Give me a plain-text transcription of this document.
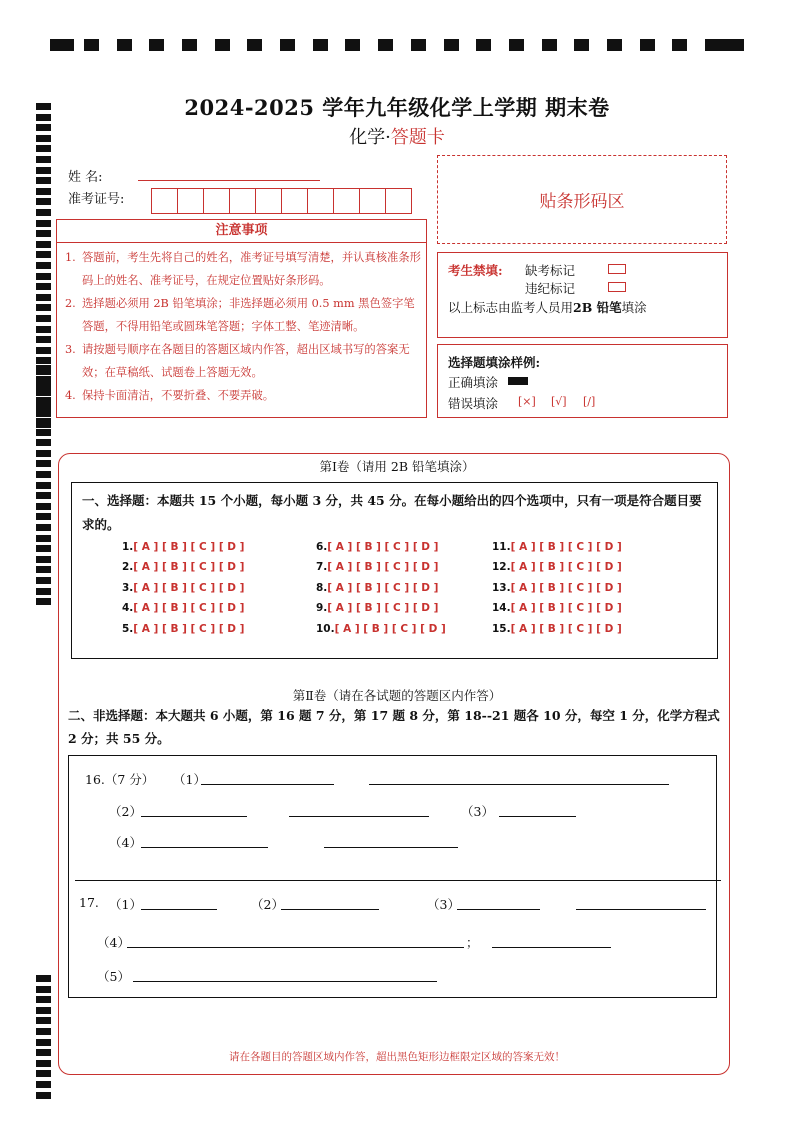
2024-2025 学年九年级化学上学期 期末卷
化学·答题卡
姓 名:
准考证号:	贴条形码区
注意事项
1. 答题前，考生先将自己的姓名，准考证号填写清楚，并认真核准条形码上的姓名、准考证号，在规定位置贴好条形码。
2. 选择题必须用 2B 铅笔填涂；非选择题必须用 0.5 mm 黑色签字笔答题，不得用铅笔或圆珠笔答题；字体工整、笔迹清晰。
3. 请按题号顺序在各题目的答题区域内作答，超出区域书写的答案无效；在草稿纸、试题卷上答题无效。
4. 保持卡面清洁，不要折叠、不要弄破。
考生禁填: 缺考标记
违纪标记
以上标志由监考人员用2B 铅笔填涂
选择题填涂样例:
正确填涂
错误填涂 [×] [√] [/]
第Ⅰ卷（请用 2B 铅笔填涂）
一、选择题：本题共 15 个小题，每小题 3 分，共 45 分。在每小题给出的四个选项中，只有一项是符合题目要求的。
1.[ A ] [ B ] [ C ] [ D ]
2.[ A ] [ B ] [ C ] [ D ]
3.[ A ] [ B ] [ C ] [ D ]
4.[ A ] [ B ] [ C ] [ D ]
5.[ A ] [ B ] [ C ] [ D ]
6.[ A ] [ B ] [ C ] [ D ]
7.[ A ] [ B ] [ C ] [ D ]
8.[ A ] [ B ] [ C ] [ D ]
9.[ A ] [ B ] [ C ] [ D ]
10.[ A ] [ B ] [ C ] [ D ]
11.[ A ] [ B ] [ C ] [ D ]
12.[ A ] [ B ] [ C ] [ D ]
13.[ A ] [ B ] [ C ] [ D ]
14.[ A ] [ B ] [ C ] [ D ]
15.[ A ] [ B ] [ C ] [ D ]
第Ⅱ卷（请在各试题的答题区内作答）
二、非选择题：本大题共 6 小题，第 16 题 7 分，第 17 题 8 分，第 18--21 题各 10 分，每空 1 分，化学方程式 2 分；共 55 分。
16.（7 分） （1）
（2）	（3）
（4）
17. （1）	（2）	（3）
（4）	；
（5）
请在各题目的答题区域内作答，超出黑色矩形边框限定区域的答案无效！
